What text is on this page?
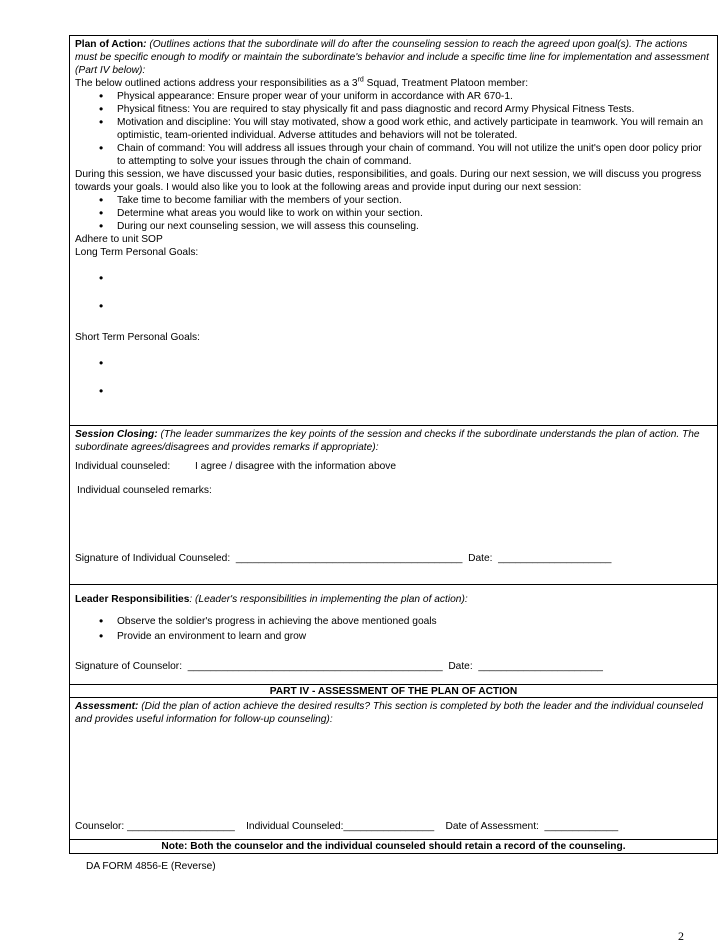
Plan of Action: (Outlines actions that the subordinate will do after the counseling session to reach the agreed upon goal(s). The actions must be specific enough to modify or maintain the subordinate's behavior and include a specific time line for implementation and assessment (Part IV below):
The below outlined actions address your responsibilities as a 3rd Squad, Treatment Platoon member:
• Physical appearance: Ensure proper wear of your uniform in accordance with AR 670-1.
• Physical fitness: You are required to stay physically fit and pass diagnostic and record Army Physical Fitness Tests.
• Motivation and discipline: You will stay motivated, show a good work ethic, and actively participate in teamwork. You will remain an optimistic, team-oriented individual. Adverse attitudes and behaviors will not be tolerated.
• Chain of command: You will address all issues through your chain of command. You will not utilize the unit's open door policy prior to attempting to solve your issues through the chain of command.
During this session, we have discussed your basic duties, responsibilities, and goals. During our next session, we will discuss you progress towards your goals. I would also like you to look at the following areas and provide input during our next session:
• Take time to become familiar with the members of your section.
• Determine what areas you would like to work on within your section.
• During our next counseling session, we will assess this counseling.
Adhere to unit SOP
Long Term Personal Goals:
•
•
Short Term Personal Goals:
•
•
Session Closing: (The leader summarizes the key points of the session and checks if the subordinate understands the plan of action. The subordinate agrees/disagrees and provides remarks if appropriate):
Individual counseled: I agree / disagree with the information above
Individual counseled remarks:
Signature of Individual Counseled:  ________________________________________  Date:  ____________________
Leader Responsibilities: (Leader's responsibilities in implementing the plan of action):
• Observe the soldier's progress in achieving the above mentioned goals
• Provide an environment to learn and grow
Signature of Counselor:  _____________________________________________  Date:  ______________________
PART IV - ASSESSMENT OF THE PLAN OF ACTION
Assessment: (Did the plan of action achieve the desired results? This section is completed by both the leader and the individual counseled and provides useful information for follow-up counseling):
Counselor: ___________________    Individual Counseled:________________    Date of Assessment:  _____________
Note: Both the counselor and the individual counseled should retain a record of the counseling.
DA FORM 4856-E (Reverse)
2
